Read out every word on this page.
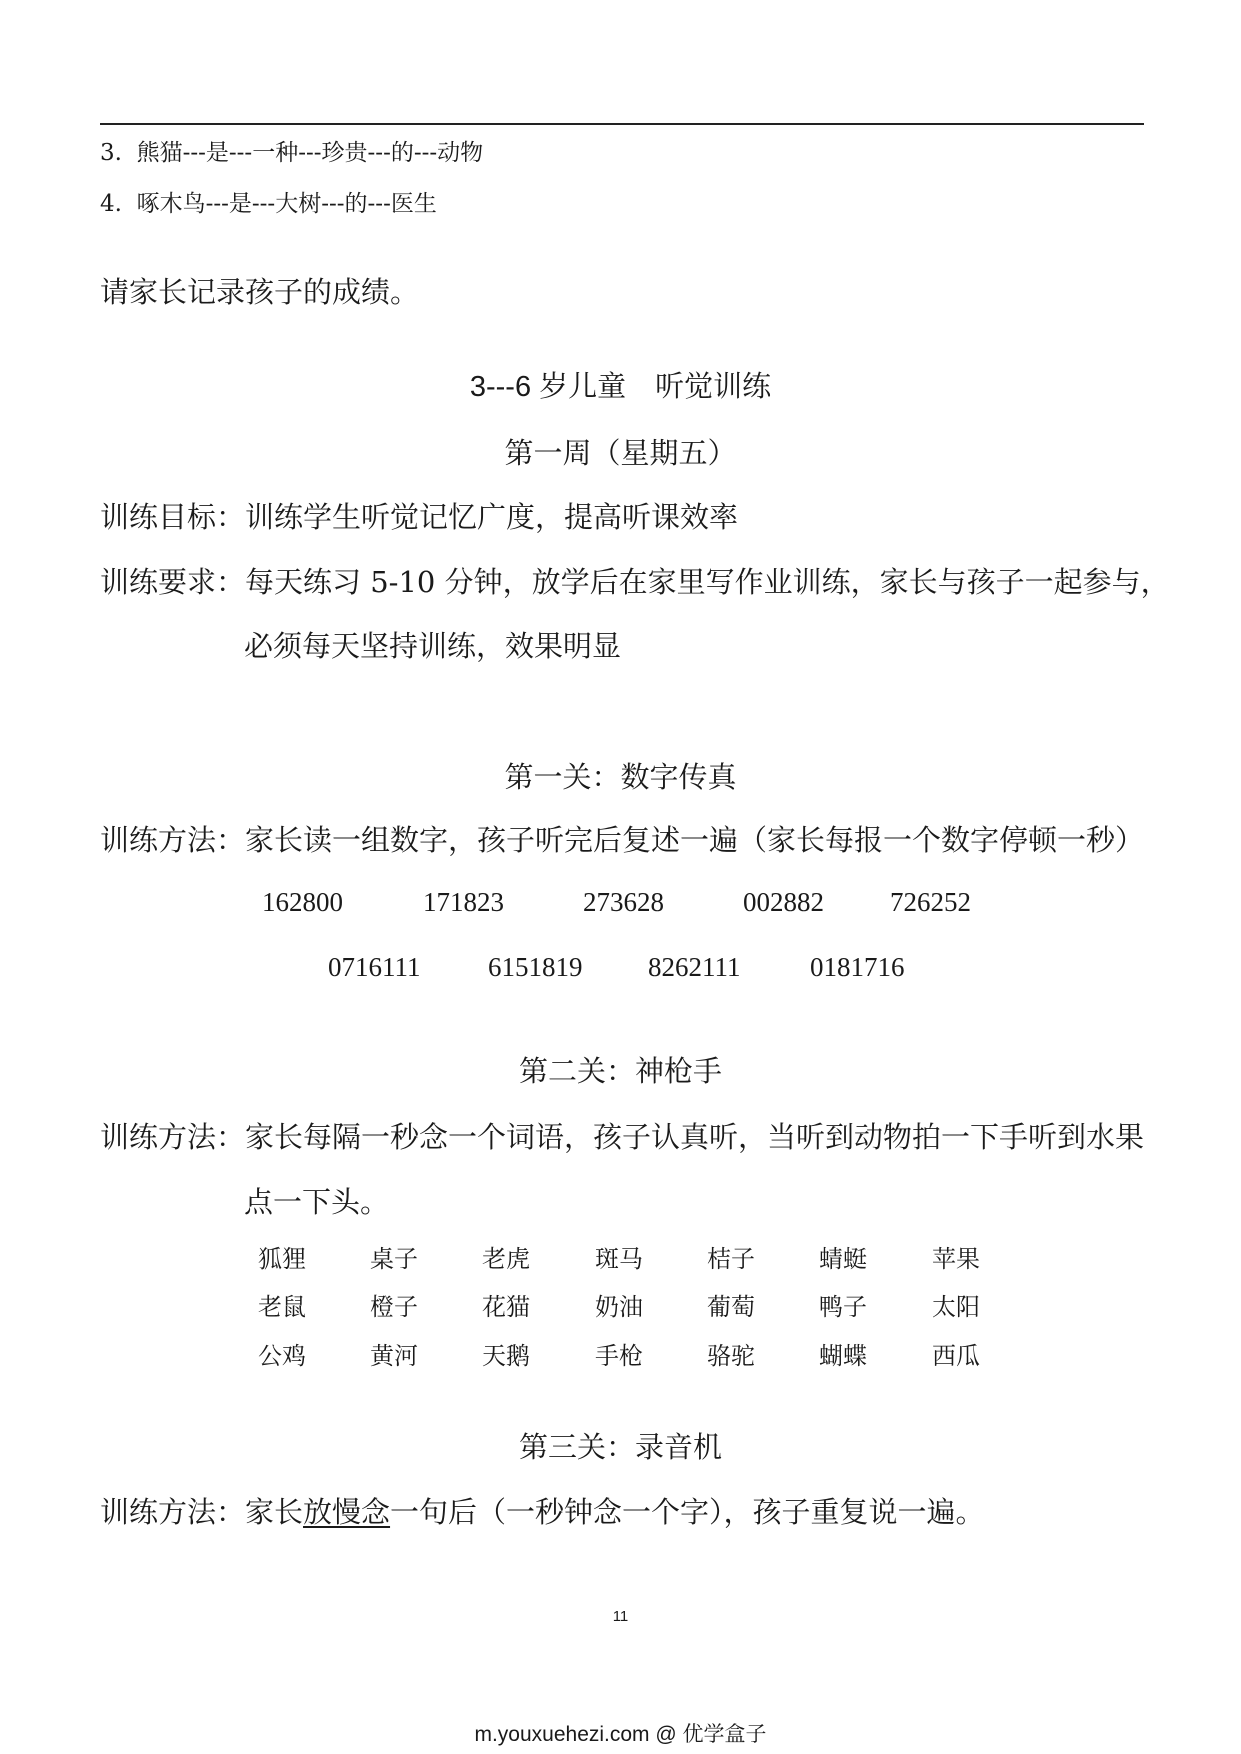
3. 熊猫---是---一种---珍贵---的---动物
4. 啄木鸟---是---大树---的---医生
请家长记录孩子的成绩。
3---6 岁儿童　听觉训练
第一周（星期五）
训练目标：训练学生听觉记忆广度，提高听课效率
训练要求：每天练习 5-10 分钟，放学后在家里写作业训练，家长与孩子一起参与，
必须每天坚持训练，效果明显
第一关：数字传真
训练方法：家长读一组数字，孩子听完后复述一遍（家长每报一个数字停顿一秒）
162800	171823	273628	002882 726252
0716111	6151819 8262111	0181716
第二关：神枪手
训练方法：家长每隔一秒念一个词语，孩子认真听，当听到动物拍一下手听到水果
点一下头。
狐狸	桌子	老虎	斑马	桔子	蜻蜓	苹果
老鼠	橙子	花猫	奶油	葡萄	鸭子	太阳
公鸡	黄河	天鹅	手枪	骆驼	蝴蝶	西瓜
第三关：录音机
训练方法：家长放慢念一句后（一秒钟念一个字），孩子重复说一遍。
11
m.youxuehezi.com @ 优学盒子
